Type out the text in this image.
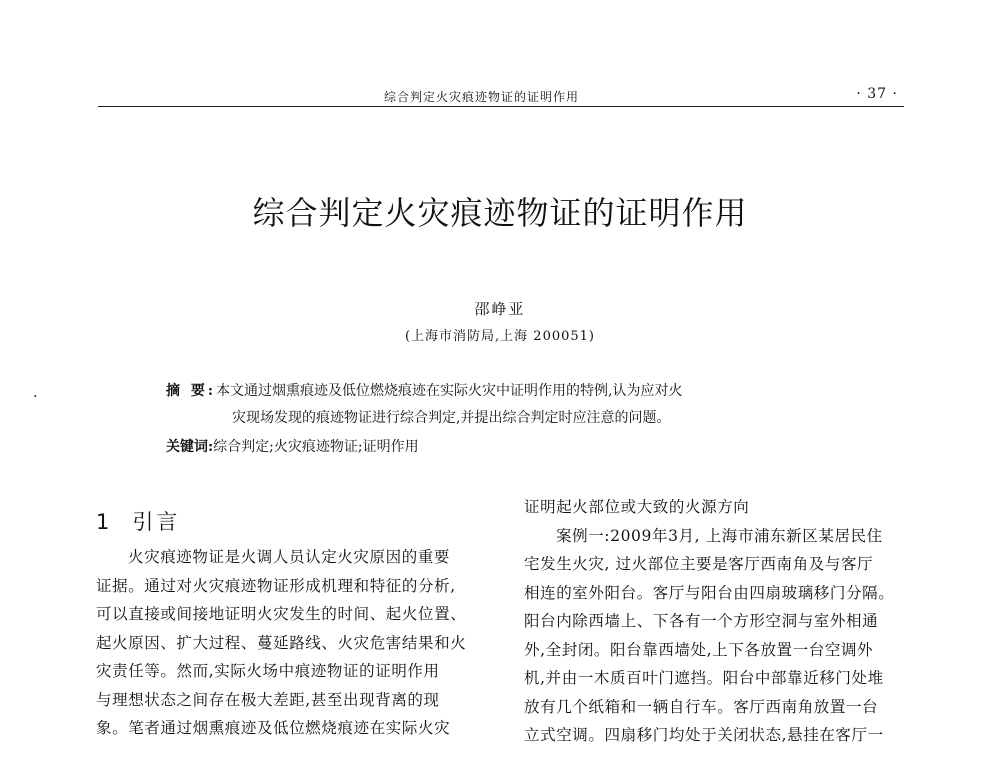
综合判定火灾痕迹物证的证明作用	· 37 ·
综合判定火灾痕迹物证的证明作用
邵峥亚
(上海市消防局,上海 200051)
·	摘 要:本文通过烟熏痕迹及低位燃烧痕迹在实际火灾中证明作用的特例,认为应对火
灾现场发现的痕迹物证进行综合判定,并提出综合判定时应注意的问题。
关键词:综合判定;火灾痕迹物证;证明作用
1 引言
火灾痕迹物证是火调人员认定火灾原因的重要
证据。通过对火灾痕迹物证形成机理和特征的分析,
可以直接或间接地证明火灾发生的时间、起火位置、
起火原因、扩大过程、蔓延路线、火灾危害结果和火
灾责任等。然而,实际火场中痕迹物证的证明作用
与理想状态之间存在极大差距,甚至出现背离的现
象。笔者通过烟熏痕迹及低位燃烧痕迹在实际火灾
证明起火部位或大致的火源方向
案例一:2009年3月, 上海市浦东新区某居民住
宅发生火灾, 过火部位主要是客厅西南角及与客厅
相连的室外阳台。客厅与阳台由四扇玻璃移门分隔。
阳台内除西墙上、下各有一个方形空洞与室外相通
外,全封闭。阳台靠西墙处,上下各放置一台空调外
机,并由一木质百叶门遮挡。阳台中部靠近移门处堆
放有几个纸箱和一辆自行车。客厅西南角放置一台
立式空调。四扇移门均处于关闭状态,悬挂在客厅一
